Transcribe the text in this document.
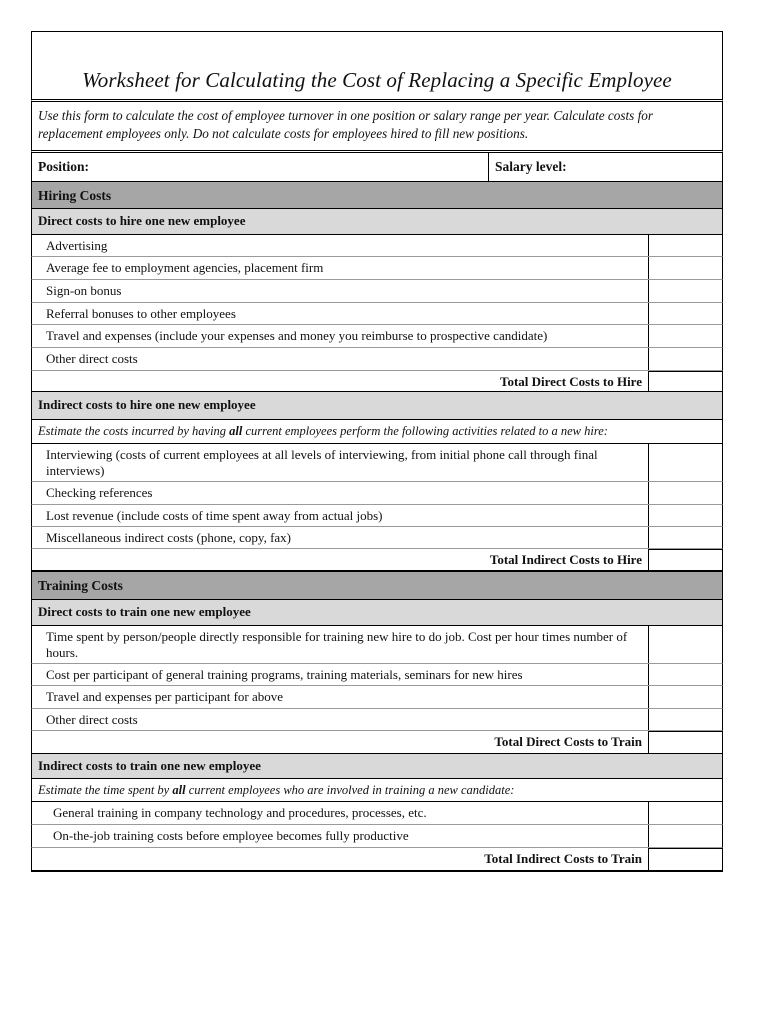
Worksheet for Calculating the Cost of Replacing a Specific Employee
Use this form to calculate the cost of employee turnover in one position or salary range per year. Calculate costs for replacement employees only. Do not calculate costs for employees hired to fill new positions.
Position:	Salary level:
Hiring Costs
Direct costs to hire one new employee
Advertising
Average fee to employment agencies, placement firm
Sign-on bonus
Referral bonuses to other employees
Travel and expenses (include your expenses and money you reimburse to prospective candidate)
Other direct costs
Total Direct Costs to Hire
Indirect costs to hire one new employee
Estimate the costs incurred by having all current employees perform the following activities related to a new hire:
Interviewing (costs of current employees at all levels of interviewing, from initial phone call through final interviews)
Checking references
Lost revenue (include costs of time spent away from actual jobs)
Miscellaneous indirect costs (phone, copy, fax)
Total Indirect Costs to Hire
Training Costs
Direct costs to train one new employee
Time spent by person/people directly responsible for training new hire to do job. Cost per hour times number of hours.
Cost per participant of general training programs, training materials, seminars for new hires
Travel and expenses per participant for above
Other direct costs
Total Direct Costs to Train
Indirect costs to train one new employee
Estimate the time spent by all current employees who are involved in training a new candidate:
General training in company technology and procedures, processes, etc.
On-the-job training costs before employee becomes fully productive
Total Indirect Costs to Train
